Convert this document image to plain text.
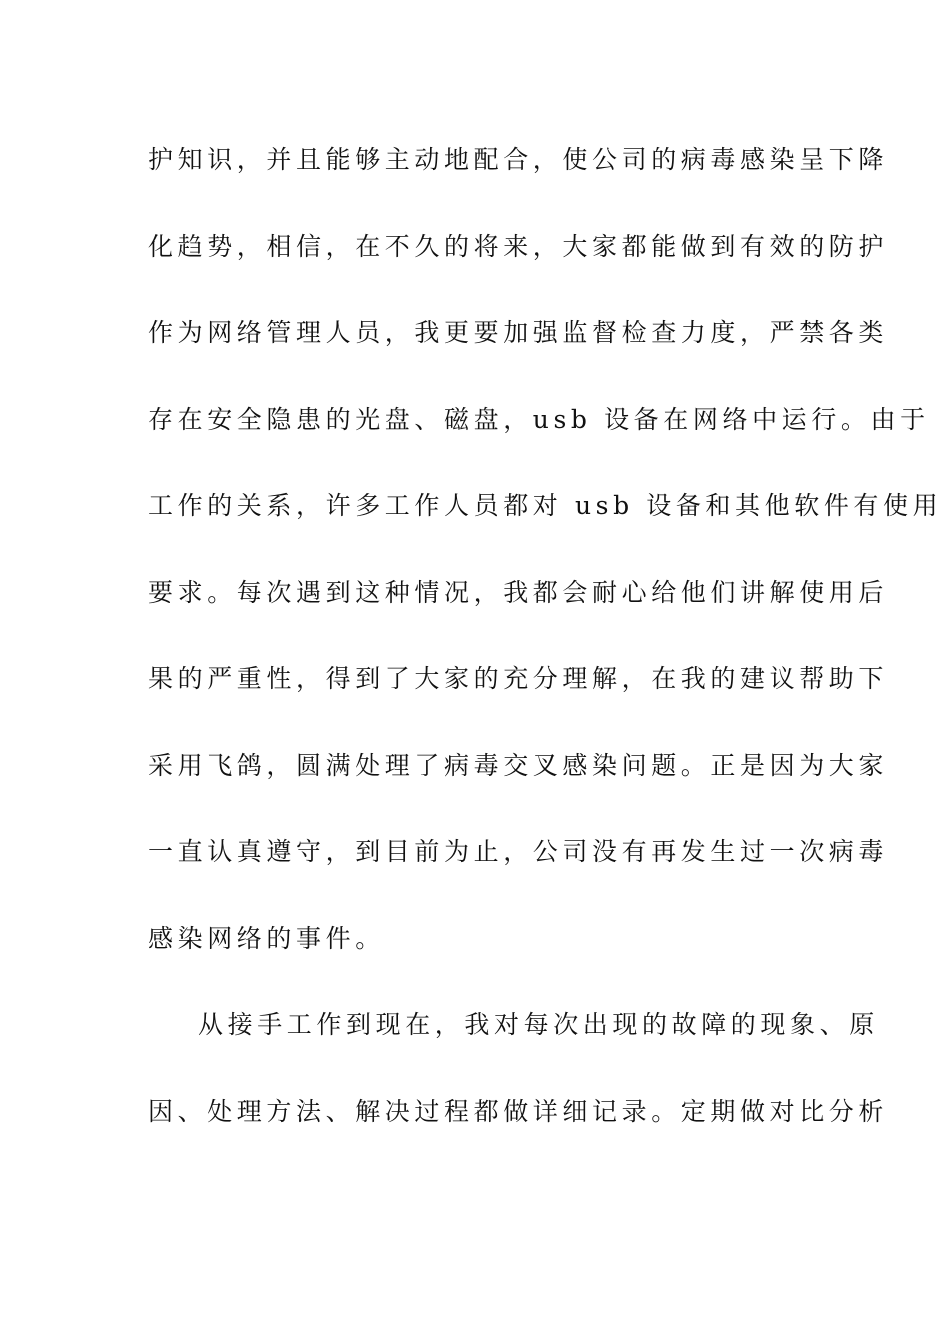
护知识，并且能够主动地配合，使公司的病毒感染呈下降
化趋势，相信，在不久的将来，大家都能做到有效的防护
作为网络管理人员，我更要加强监督检查力度，严禁各类
存在安全隐患的光盘、磁盘，usb 设备在网络中运行。由于
工作的关系，许多工作人员都对 usb 设备和其他软件有使用
要求。每次遇到这种情况，我都会耐心给他们讲解使用后
果的严重性，得到了大家的充分理解，在我的建议帮助下
采用飞鸽，圆满处理了病毒交叉感染问题。正是因为大家
一直认真遵守，到目前为止，公司没有再发生过一次病毒
感染网络的事件。
从接手工作到现在，我对每次出现的故障的现象、原
因、处理方法、解决过程都做详细记录。定期做对比分析
